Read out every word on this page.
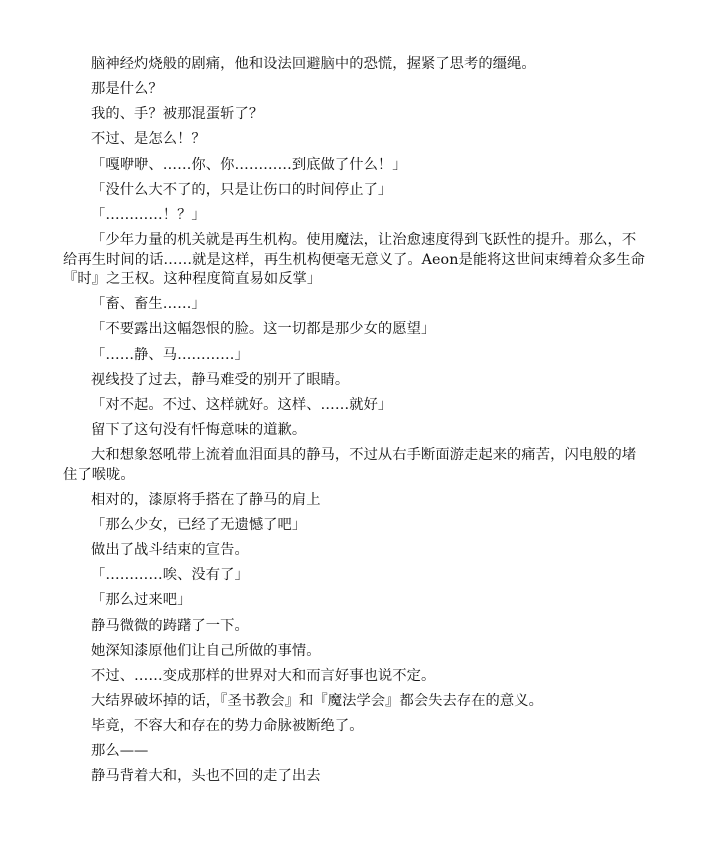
脑神经灼烧般的剧痛，他和设法回避脑中的恐慌，握紧了思考的缰绳。

那是什么？

我的、手？被那混蛋斩了？

不过、是怎么！？

「嘎咿咿、……你、你…………到底做了什么！」

「没什么大不了的，只是让伤口的时间停止了」

「…………！？」

「少年力量的机关就是再生机构。使用魔法，让治愈速度得到飞跃性的提升。那么，不给再生时间的话……就是这样，再生机构便毫无意义了。Aeon是能将这世间束缚着众多生命『时』之王权。这种程度简直易如反掌」

「畜、畜生……」

「不要露出这幅怨恨的脸。这一切都是那少女的愿望」

「……静、马…………」

视线投了过去，静马难受的别开了眼睛。

「对不起。不过、这样就好。这样、……就好」

留下了这句没有忏悔意味的道歉。

大和想象怒吼带上流着血泪面具的静马，不过从右手断面游走起来的痛苦，闪电般的堵住了喉咙。

相对的，漆原将手搭在了静马的肩上

「那么少女，已经了无遗憾了吧」

做出了战斗结束的宣告。

「…………唉、没有了」

「那么过来吧」

静马微微的踌躇了一下。

她深知漆原他们让自己所做的事情。

不过、……变成那样的世界对大和而言好事也说不定。

大结界破坏掉的话，『圣书教会』和『魔法学会』都会失去存在的意义。

毕竟，不容大和存在的势力命脉被断绝了。

那么——

静马背着大和，头也不回的走了出去
